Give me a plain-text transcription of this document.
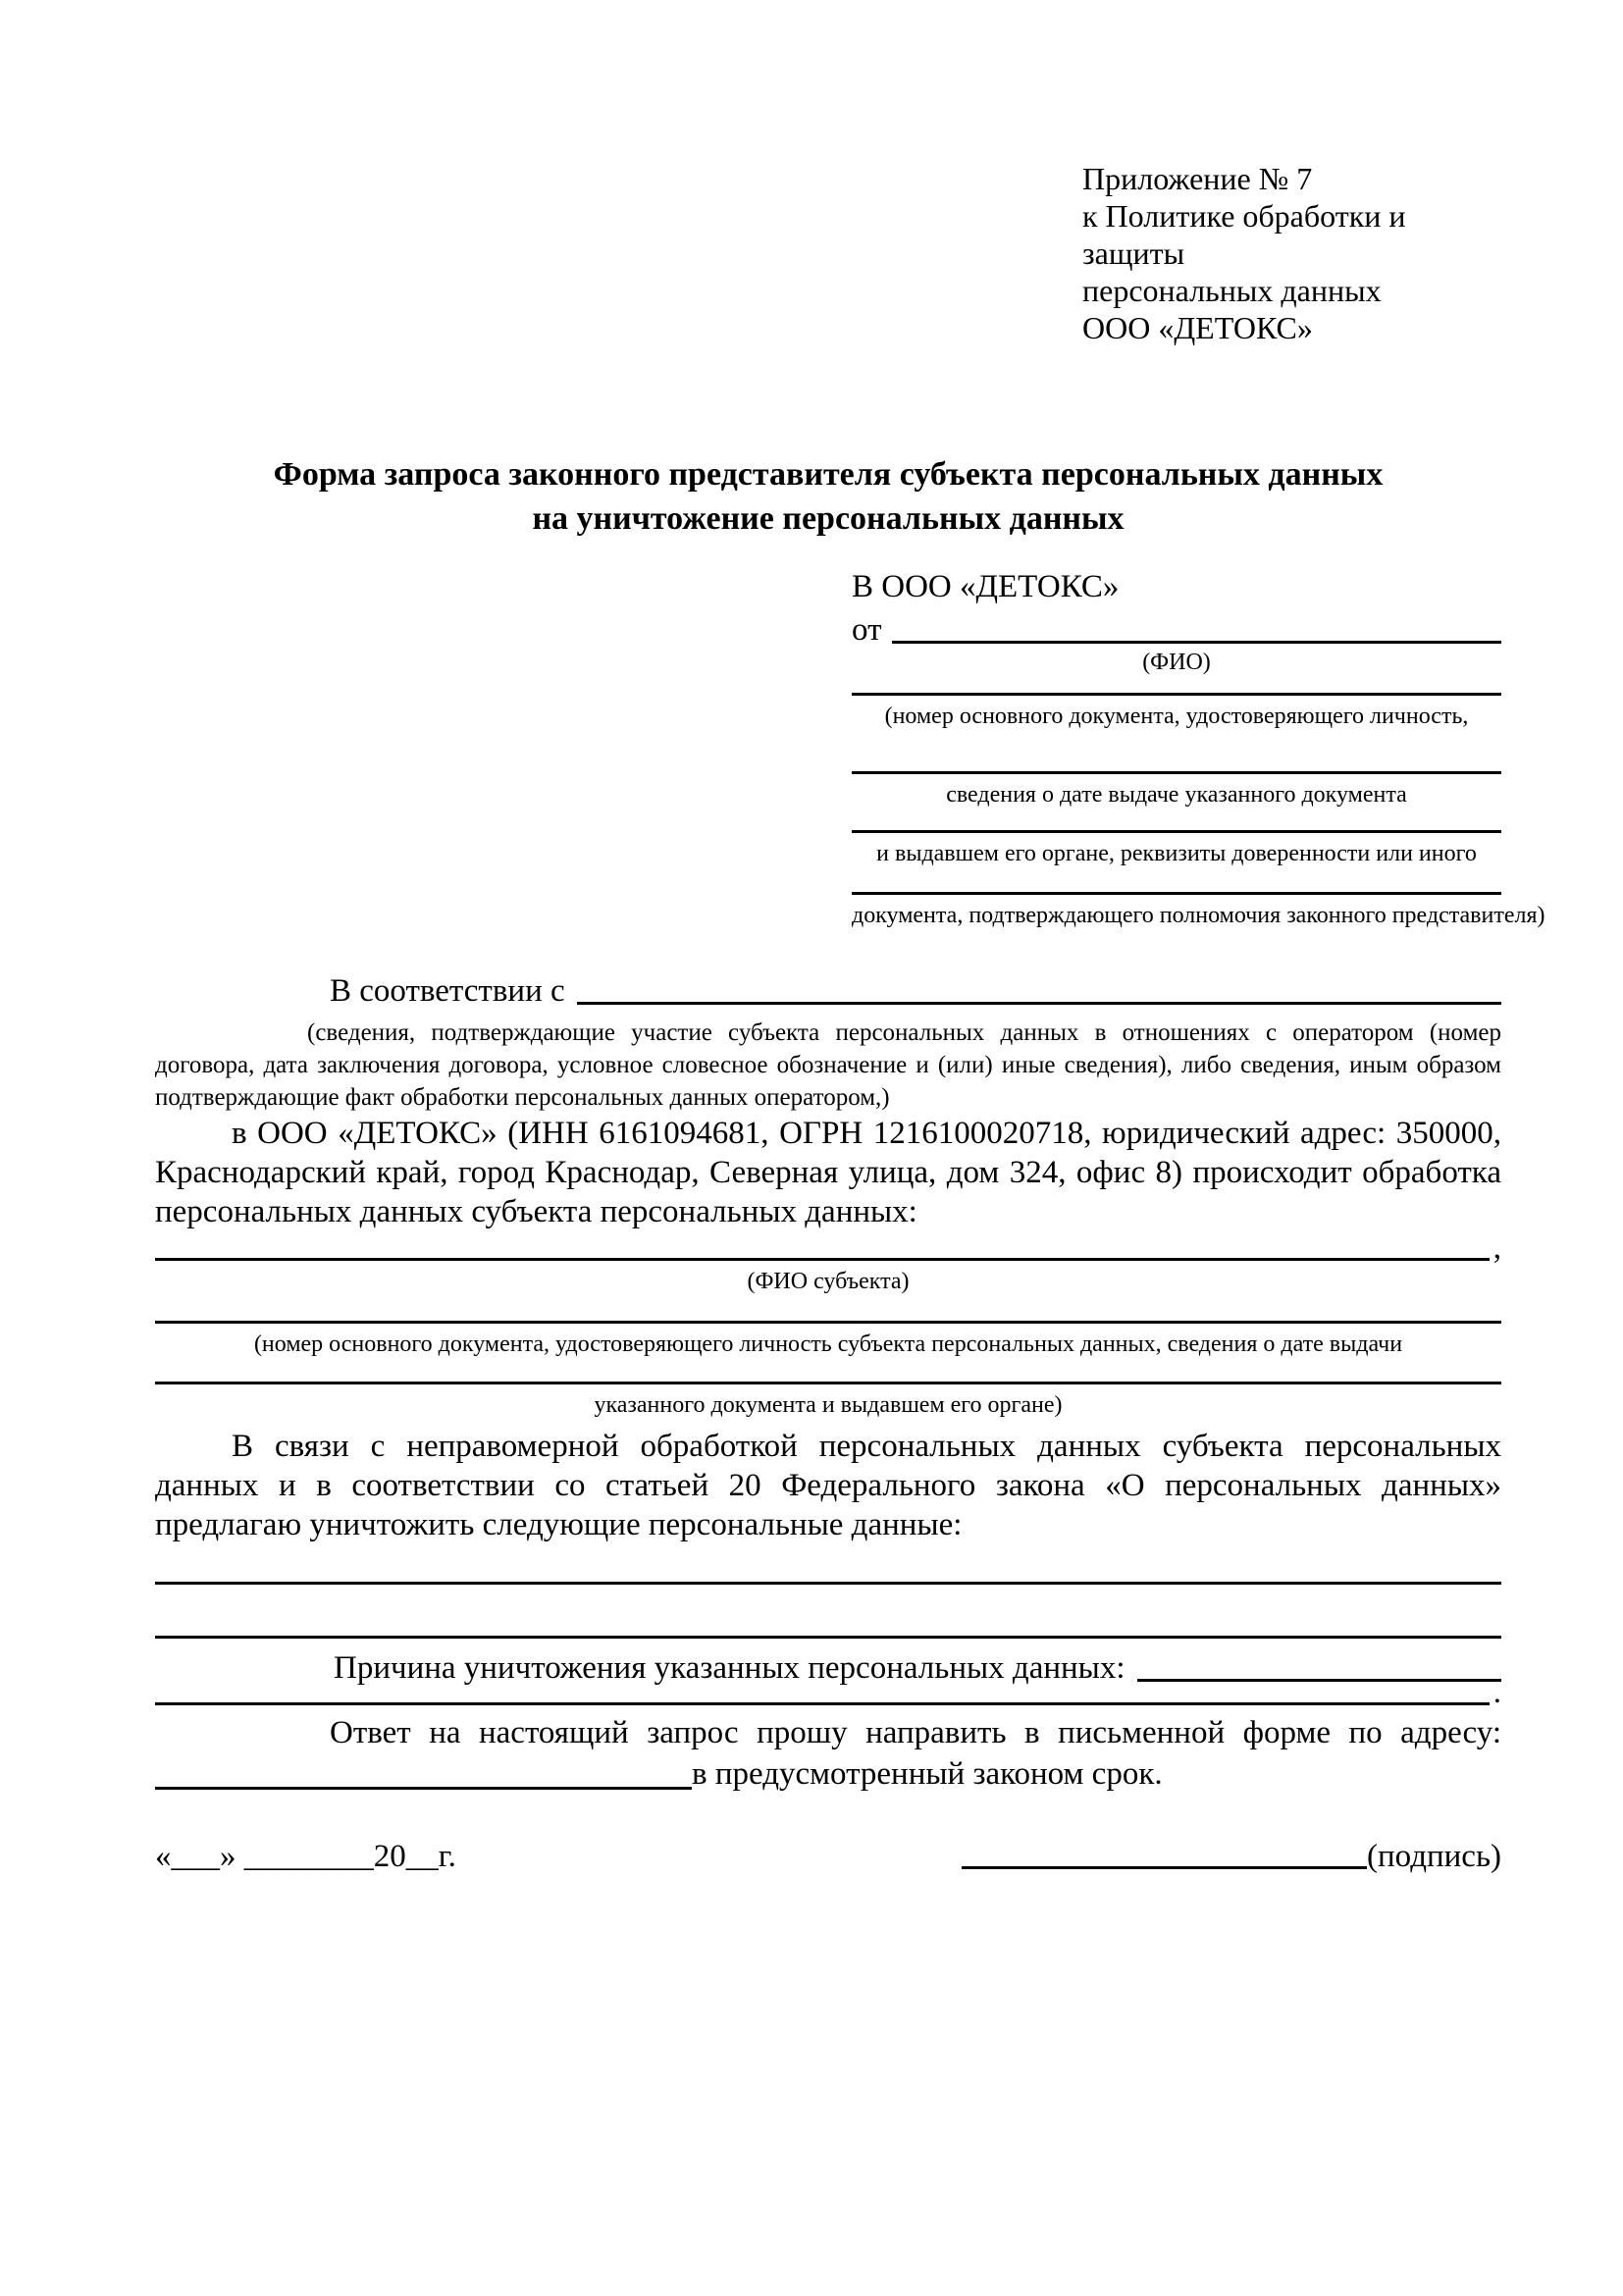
Приложение № 7
к Политике обработки и защиты
персональных данных
ООО «ДЕТОКС»
Форма запроса законного представителя субъекта персональных данных
на уничтожение персональных данных
В ООО «ДЕТОКС»
от
(ФИО)
(номер основного документа, удостоверяющего личность,
сведения о дате выдаче указанного документа
и выдавшем его органе, реквизиты доверенности или иного
документа, подтверждающего полномочия законного представителя)
В соответствии с
(сведения, подтверждающие участие субъекта персональных данных в отношениях с оператором (номер договора, дата заключения договора, условное словесное обозначение и (или) иные сведения), либо сведения, иным образом подтверждающие факт обработки персональных данных оператором,)
в ООО «ДЕТОКС» (ИНН 6161094681, ОГРН 1216100020718, юридический адрес: 350000, Краснодарский край, город Краснодар, Северная улица, дом 324, офис 8) происходит обработка персональных данных субъекта персональных данных:
,
(ФИО субъекта)
(номер основного документа, удостоверяющего личность субъекта персональных данных, сведения о дате выдачи
указанного документа и выдавшем его органе)
В связи с неправомерной обработкой персональных данных субъекта персональных данных и в соответствии со статьей 20 Федерального закона «О персональных данных» предлагаю уничтожить следующие персональные данные:
Причина уничтожения указанных персональных данных:
.
Ответ на настоящий запрос прошу направить в письменной форме по адресу:
в предусмотренный законом срок.
«___» ________20__г.	(подпись)
